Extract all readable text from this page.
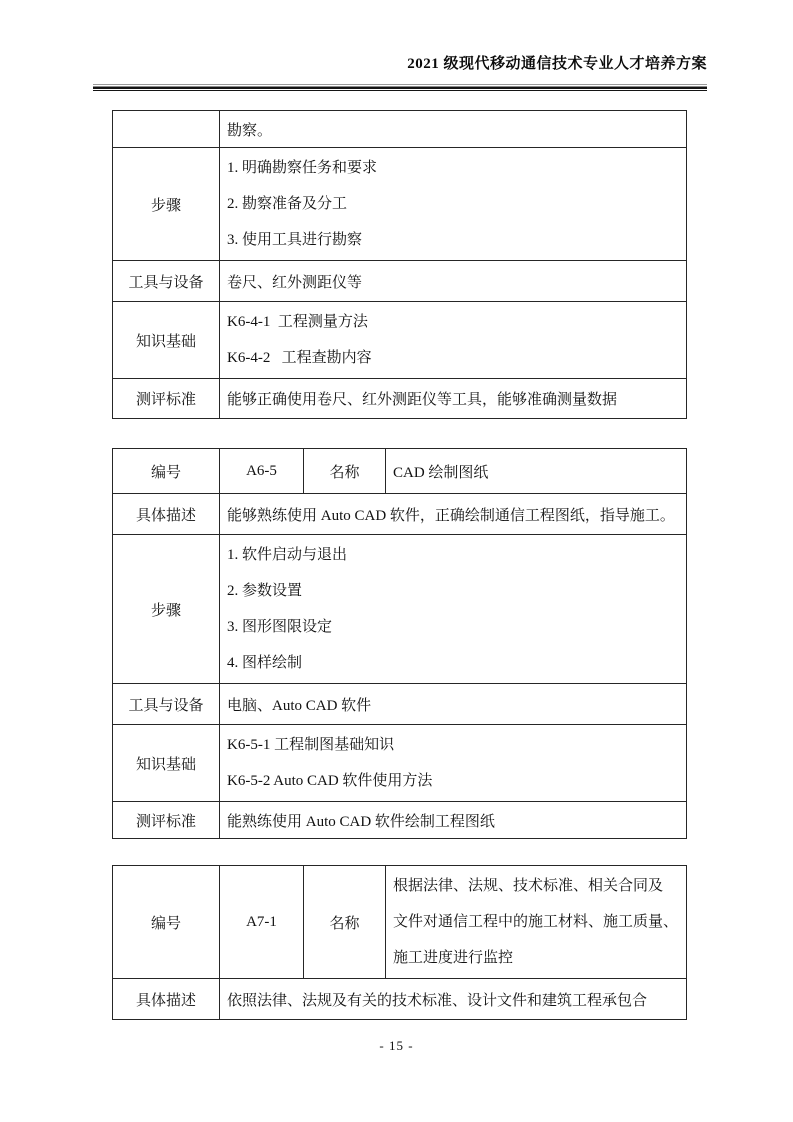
2021 级现代移动通信技术专业人才培养方案
	勘察。
步骤	1. 明确勘察任务和要求
2. 勘察准备及分工
3. 使用工具进行勘察

工具与设备	卷尺、红外测距仪等
知识基础	K6-4-1  工程测量方法
K6-4-2   工程查勘内容

测评标准	能够正确使用卷尺、红外测距仪等工具，能够准确测量数据
编号	A6-5	名称	CAD 绘制图纸
具体描述	能够熟练使用 Auto CAD 软件，正确绘制通信工程图纸，指导施工。		
步骤	1. 软件启动与退出
2. 参数设置
3. 图形图限设定
4. 图样绘制		

工具与设备	电脑、Auto CAD 软件		
知识基础	K6-5-1 工程制图基础知识
K6-5-2 Auto CAD 软件使用方法		

测评标准	能熟练使用 Auto CAD 软件绘制工程图纸		
编号	A7-1	名称	根据法律、法规、技术标准、相关合同及
文件对通信工程中的施工材料、施工质量、
施工进度进行监控

具体描述	依照法律、法规及有关的技术标准、设计文件和建筑工程承包合		
- 15 -
